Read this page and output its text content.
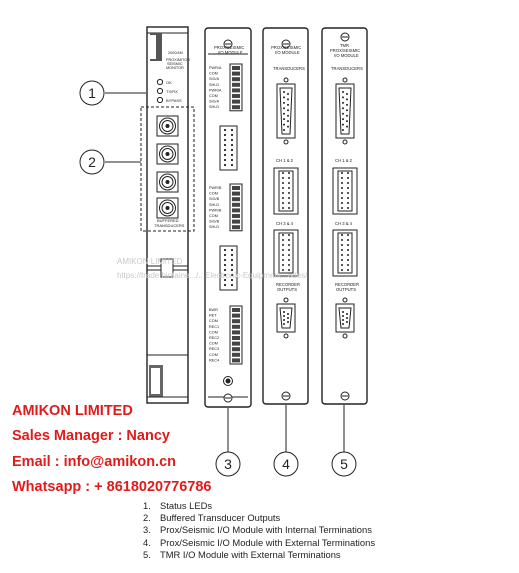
2000/4M
PROXIMITOR
SEISMIC
MONITOR
OK
TX/RX
BYPASS
BUFFERED
TRANSDUCERS
PROX/SEISMIC
I/O MODULE
PWR/A
COM
SIG/A
SHLD
PWR/A
COM
SIG/A
SHLD
PWR/B
COM
SIG/B
SHLD
PWR/B
COM
SIG/B
SHLD
BWR
RET
COM
REC1
COM
REC2
COM
REC3
COM
REC4
PROX/SEISMIC
I/O MODULE
TRANSDUCERS
CH 1 & 2
CH 3 & 4
RECORDER
OUTPUTS
TMR
PROX/SEISMIC
I/O MODULE
TRANSDUCERS
CH 1 & 2
CH 3 & 4
RECORDER
OUTPUTS
1
2
3	4	5
AMIKON LIMITED
https://trade.bintaine.../...Electronic-Equipment...odes/
AMIKON LIMITED
Sales Manager : Nancy
Email : info@amikon.cn
Whatsapp : + 8618020776786
1. Status LEDs
2. Buffered Transducer Outputs
3. Prox/Seismic I/O Module with Internal Terminations
4. Prox/Seismic I/O Module with External Terminations
5. TMR I/O Module with External Terminations
